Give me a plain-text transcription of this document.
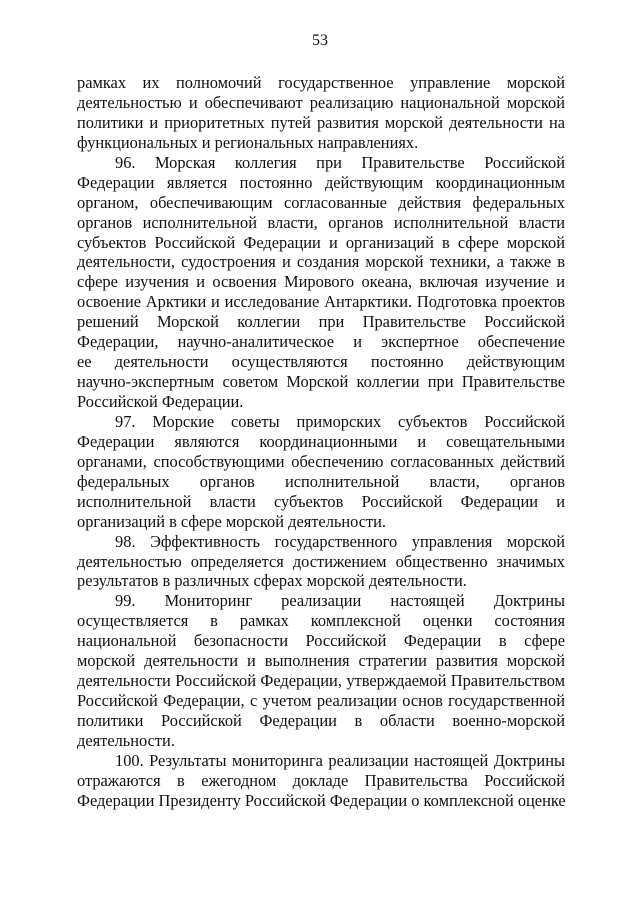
53
рамках их полномочий государственное управление морской
деятельностью и обеспечивают реализацию национальной морской
политики и приоритетных путей развития морской деятельности на
функциональных и региональных направлениях.
96. Морская коллегия при Правительстве Российской
Федерации является постоянно действующим координационным
органом, обеспечивающим согласованные действия федеральных
органов исполнительной власти, органов исполнительной власти
субъектов Российской Федерации и организаций в сфере морской
деятельности, судостроения и создания морской техники, а также в
сфере изучения и освоения Мирового океана, включая изучение и
освоение Арктики и исследование Антарктики. Подготовка проектов
решений Морской коллегии при Правительстве Российской
Федерации, научно-аналитическое и экспертное обеспечение
ее деятельности осуществляются постоянно действующим
научно-экспертным советом Морской коллегии при Правительстве
Российской Федерации.
97. Морские советы приморских субъектов Российской
Федерации являются координационными и совещательными
органами, способствующими обеспечению согласованных действий
федеральных органов исполнительной власти, органов
исполнительной власти субъектов Российской Федерации и
организаций в сфере морской деятельности.
98. Эффективность государственного управления морской
деятельностью определяется достижением общественно значимых
результатов в различных сферах морской деятельности.
99. Мониторинг реализации настоящей Доктрины
осуществляется в рамках комплексной оценки состояния
национальной безопасности Российской Федерации в сфере
морской деятельности и выполнения стратегии развития морской
деятельности Российской Федерации, утверждаемой Правительством
Российской Федерации, с учетом реализации основ государственной
политики Российской Федерации в области военно-морской
деятельности.
100. Результаты мониторинга реализации настоящей Доктрины
отражаются в ежегодном докладе Правительства Российской
Федерации Президенту Российской Федерации о комплексной оценке
